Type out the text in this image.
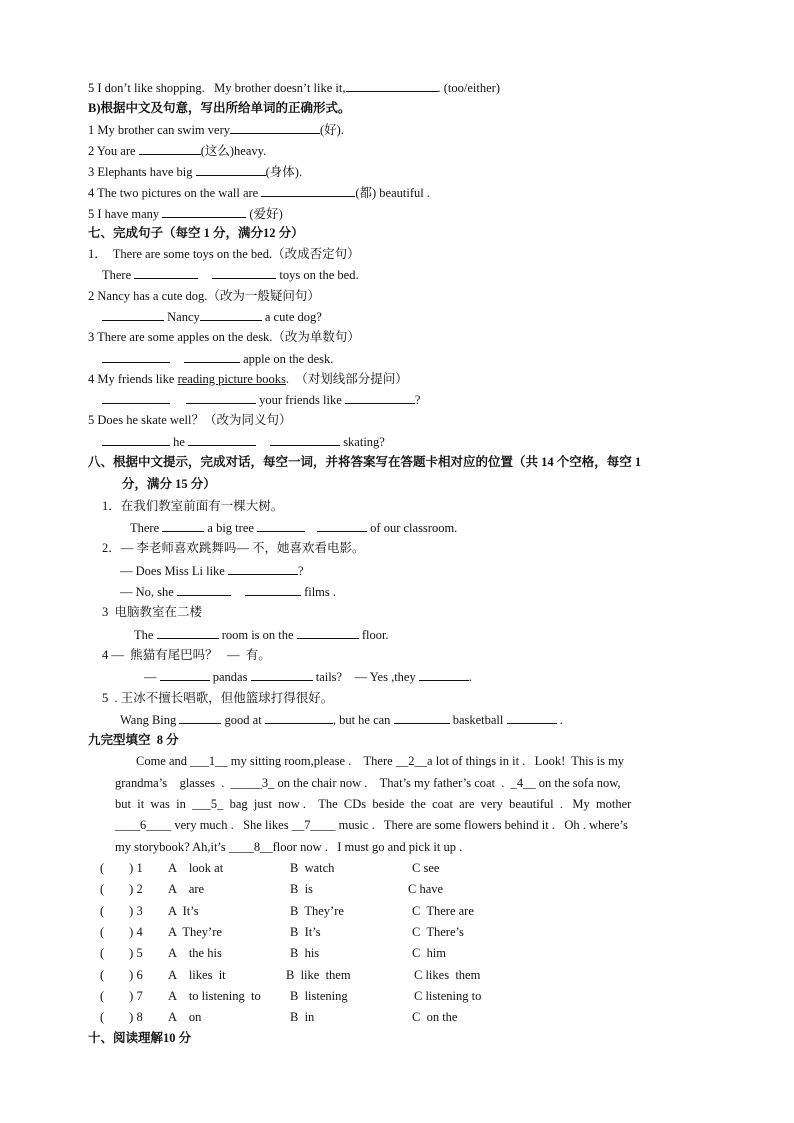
5 I don’t like shopping.   My brother doesn’t like it,	. (too/either)
B)根据中文及句意，写出所给单词的正确形式。
1 My brother can swim very	(好).
2 You are	(这么)heavy.
3 Elephants have big	(身体).
4 The two pictures on the wall are	(都) beautiful .
5 I have many	(爱好)
七、完成句子（每空 1 分，满分12 分）
1．  There are some toys on the bed.（改成否定句）
There	toys on the bed.
2 Nancy has a cute dog.（改为一般疑问句）
Nancy	a cute dog?
3 There are some apples on the desk.（改为单数句）
apple on the desk.
4 My friends like reading picture books.  （对划线部分提问）
your friends like	?
5 Does he skate well？（改为同义句）
he	skating?
八、根据中文提示，完成对话，每空一词，并将答案写在答题卡相对应的位置（共 14 个空格，每空 1
分，满分 15 分）
1．在我们教室前面有一棵大树。
There	a big tree	of our classroom.
2．— 李老师喜欢跳舞吗— 不，她喜欢看电影。
— Does Miss Li like	?
— No, she	films .
3  电脑教室在二楼
The	room is on the	floor.
4 —  熊猫有尾巴吗？   —  有。
—	pandas	tails?    — Yes ,they	.
5  . 王冰不擅长唱歌，但他篮球打得很好。
Wang Bing	good at	, but he can	basketball	.
九完型填空  8 分
Come and ___1__ my sitting room,please .    There __2__a lot of things in it .   Look!  This is my
grandma’s    glasses  .  _____3_ on the chair now .    That’s my father’s coat  .  _4__ on the sofa now,
but  it  was  in  ___5_  bag  just  now .    The  CDs  beside  the  coat  are  very  beautiful  .   My  mother
____6____ very much .   She likes __7____ music .   There are some flowers behind it .   Oh . where’s
my storybook? Ah,it’s ____8__floor now .   I must go and pick it up .
(        ) 1 A    look at	B  watch	C see
(        ) 2 A    are	B  is	C have
(        ) 3 A  It’s	B  They’re	C  There are
(        ) 4 A  They’re	B  It’s	C  There’s
(        ) 5 A    the his	B  his	C  him
(        ) 6 A    likes  it	B  like  them	C likes  them
(        ) 7 A    to listening  to B  listening	C listening to
(        ) 8 A    on	B  in	C  on the
十、阅读理解10 分
